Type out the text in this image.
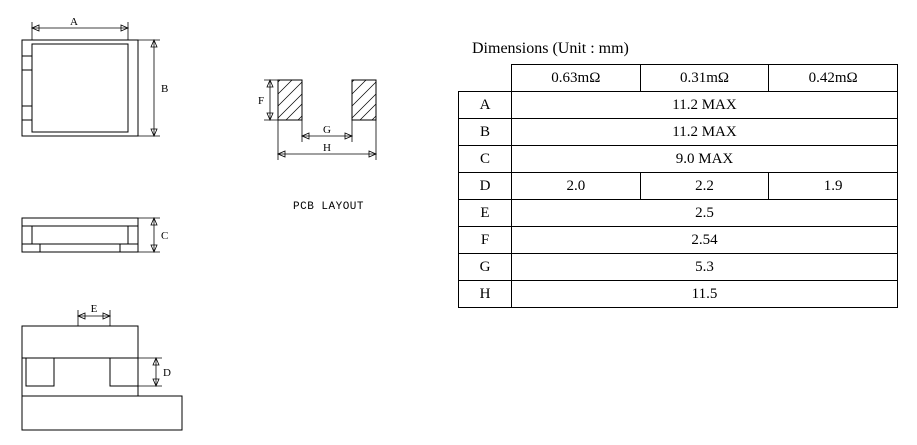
A
B
C
E
D
F
G
H
PCB LAYOUT
Dimensions (Unit : mm)
	0.63mΩ	0.31mΩ	0.42mΩ
A	11.2 MAX		
B	11.2 MAX		
C	9.0 MAX		
D	2.0	2.2	1.9
E	2.5		
F	2.54		
G	5.3		
H	11.5		
